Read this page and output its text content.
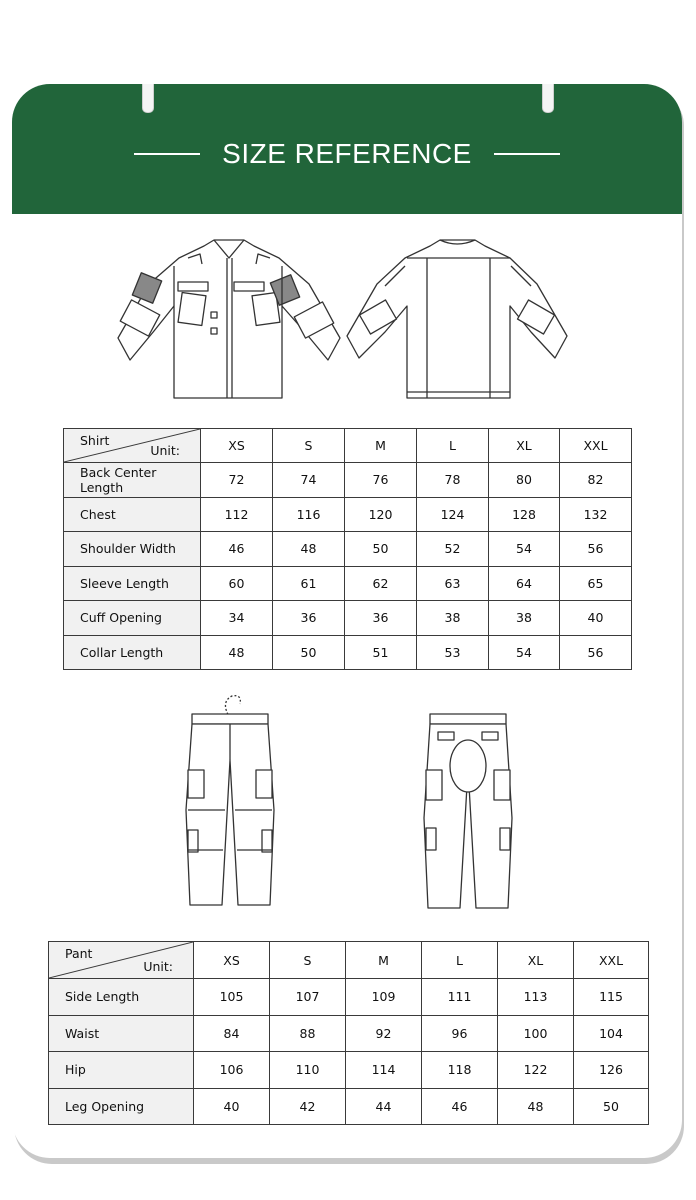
SIZE REFERENCE
Shirt
Unit:	XS	S	M	L	XL	XXL
Back Center Length	72	74	76	78	80	82
Chest	112	116	120	124	128	132
Shoulder Width	46	48	50	52	54	56
Sleeve Length	60	61	62	63	64	65
Cuff Opening	34	36	36	38	38	40
Collar Length	48	50	51	53	54	56
Pant
Unit:	XS	S	M	L	XL	XXL
Side Length	105	107	109	111	113	115
Waist	84	88	92	96	100	104
Hip	106	110	114	118	122	126
Leg Opening	40	42	44	46	48	50
